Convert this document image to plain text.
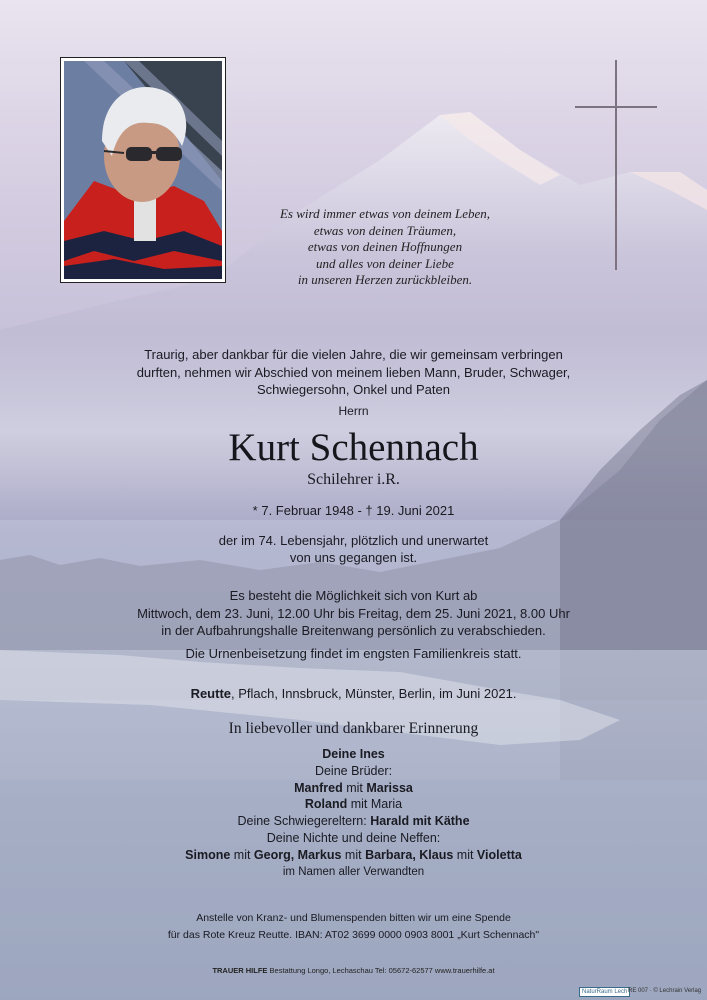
Es wird immer etwas von deinem Leben,
etwas von deinen Träumen,
etwas von deinen Hoffnungen
und alles von deiner Liebe
in unseren Herzen zurückbleiben.
Traurig, aber dankbar für die vielen Jahre, die wir gemeinsam verbringen
durften, nehmen wir Abschied von meinem lieben Mann, Bruder, Schwager,
Schwiegersohn, Onkel und Paten
Herrn
Kurt Schennach
Schilehrer i.R.
* 7. Februar 1948 - † 19. Juni 2021
der im 74. Lebensjahr, plötzlich und unerwartet
von uns gegangen ist.
Es besteht die Möglichkeit sich von Kurt ab
Mittwoch, dem 23. Juni, 12.00 Uhr bis Freitag, dem 25. Juni 2021, 8.00 Uhr
in der Aufbahrungshalle Breitenwang persönlich zu verabschieden.
Die Urnenbeisetzung findet im engsten Familienkreis statt.
Reutte, Pflach, Innsbruck, Münster, Berlin, im Juni 2021.
In liebevoller und dankbarer Erinnerung
Deine Ines
Deine Brüder:
Manfred mit Marissa
Roland mit Maria
Deine Schwiegereltern: Harald mit Käthe
Deine Nichte und deine Neffen:
Simone mit Georg, Markus mit Barbara, Klaus mit Violetta
im Namen aller Verwandten
Anstelle von Kranz- und Blumenspenden bitten wir um eine Spende
für das Rote Kreuz Reutte. IBAN: AT02 3699 0000 0903 8001 „Kurt Schennach"
TRAUER HILFE Bestattung Longo, Lechaschau Tel: 05672-62577 www.trauerhilfe.at
NaturRaum Lech RE 007 · © Lechrain Verlag
